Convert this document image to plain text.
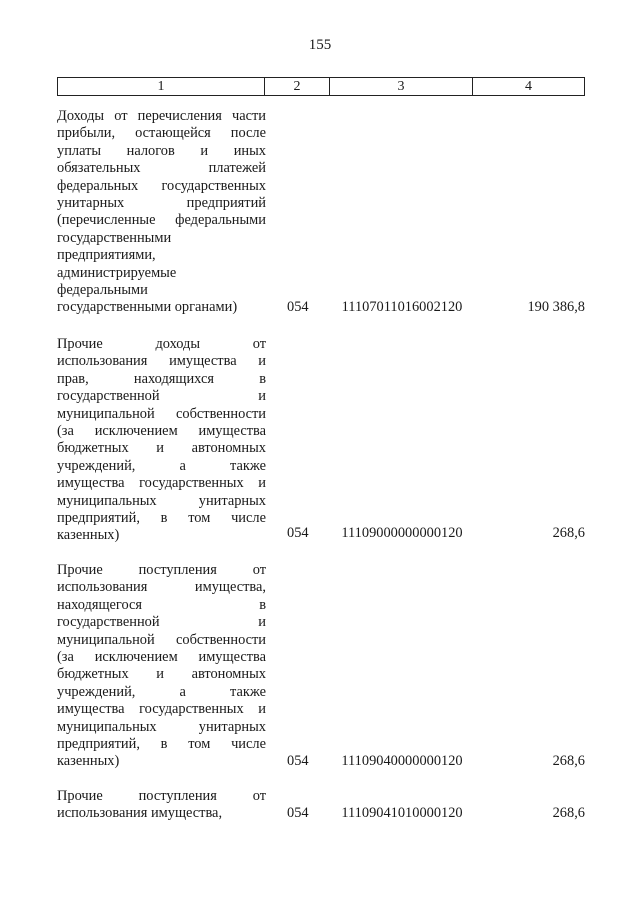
155
1	2	3	4
Доходы от перечисления части
прибыли, остающейся после
уплаты налогов и иных
обязательных	платежей
федеральных государственных
унитарных	предприятий
(перечисленные федеральными
государственными
предприятиями,
администрируемые
федеральными
государственными органами)	054	11107011016002120	190 386,8
Прочие	доходы	от
использования имущества и
прав,	находящихся	в
государственной	и
муниципальной собственности
(за исключением имущества
бюджетных и автономных
учреждений,	а	также
имущества государственных и
муниципальных	унитарных
предприятий, в том числе
казенных)	054	11109000000000120	268,6
Прочие поступления от
использования	имущества,
находящегося	в
государственной	и
муниципальной собственности
(за исключением имущества
бюджетных и автономных
учреждений,	а	также
имущества государственных и
муниципальных	унитарных
предприятий, в том числе
казенных)	054	11109040000000120	268,6
Прочие поступления от
использования имущества,	054	11109041010000120	268,6
